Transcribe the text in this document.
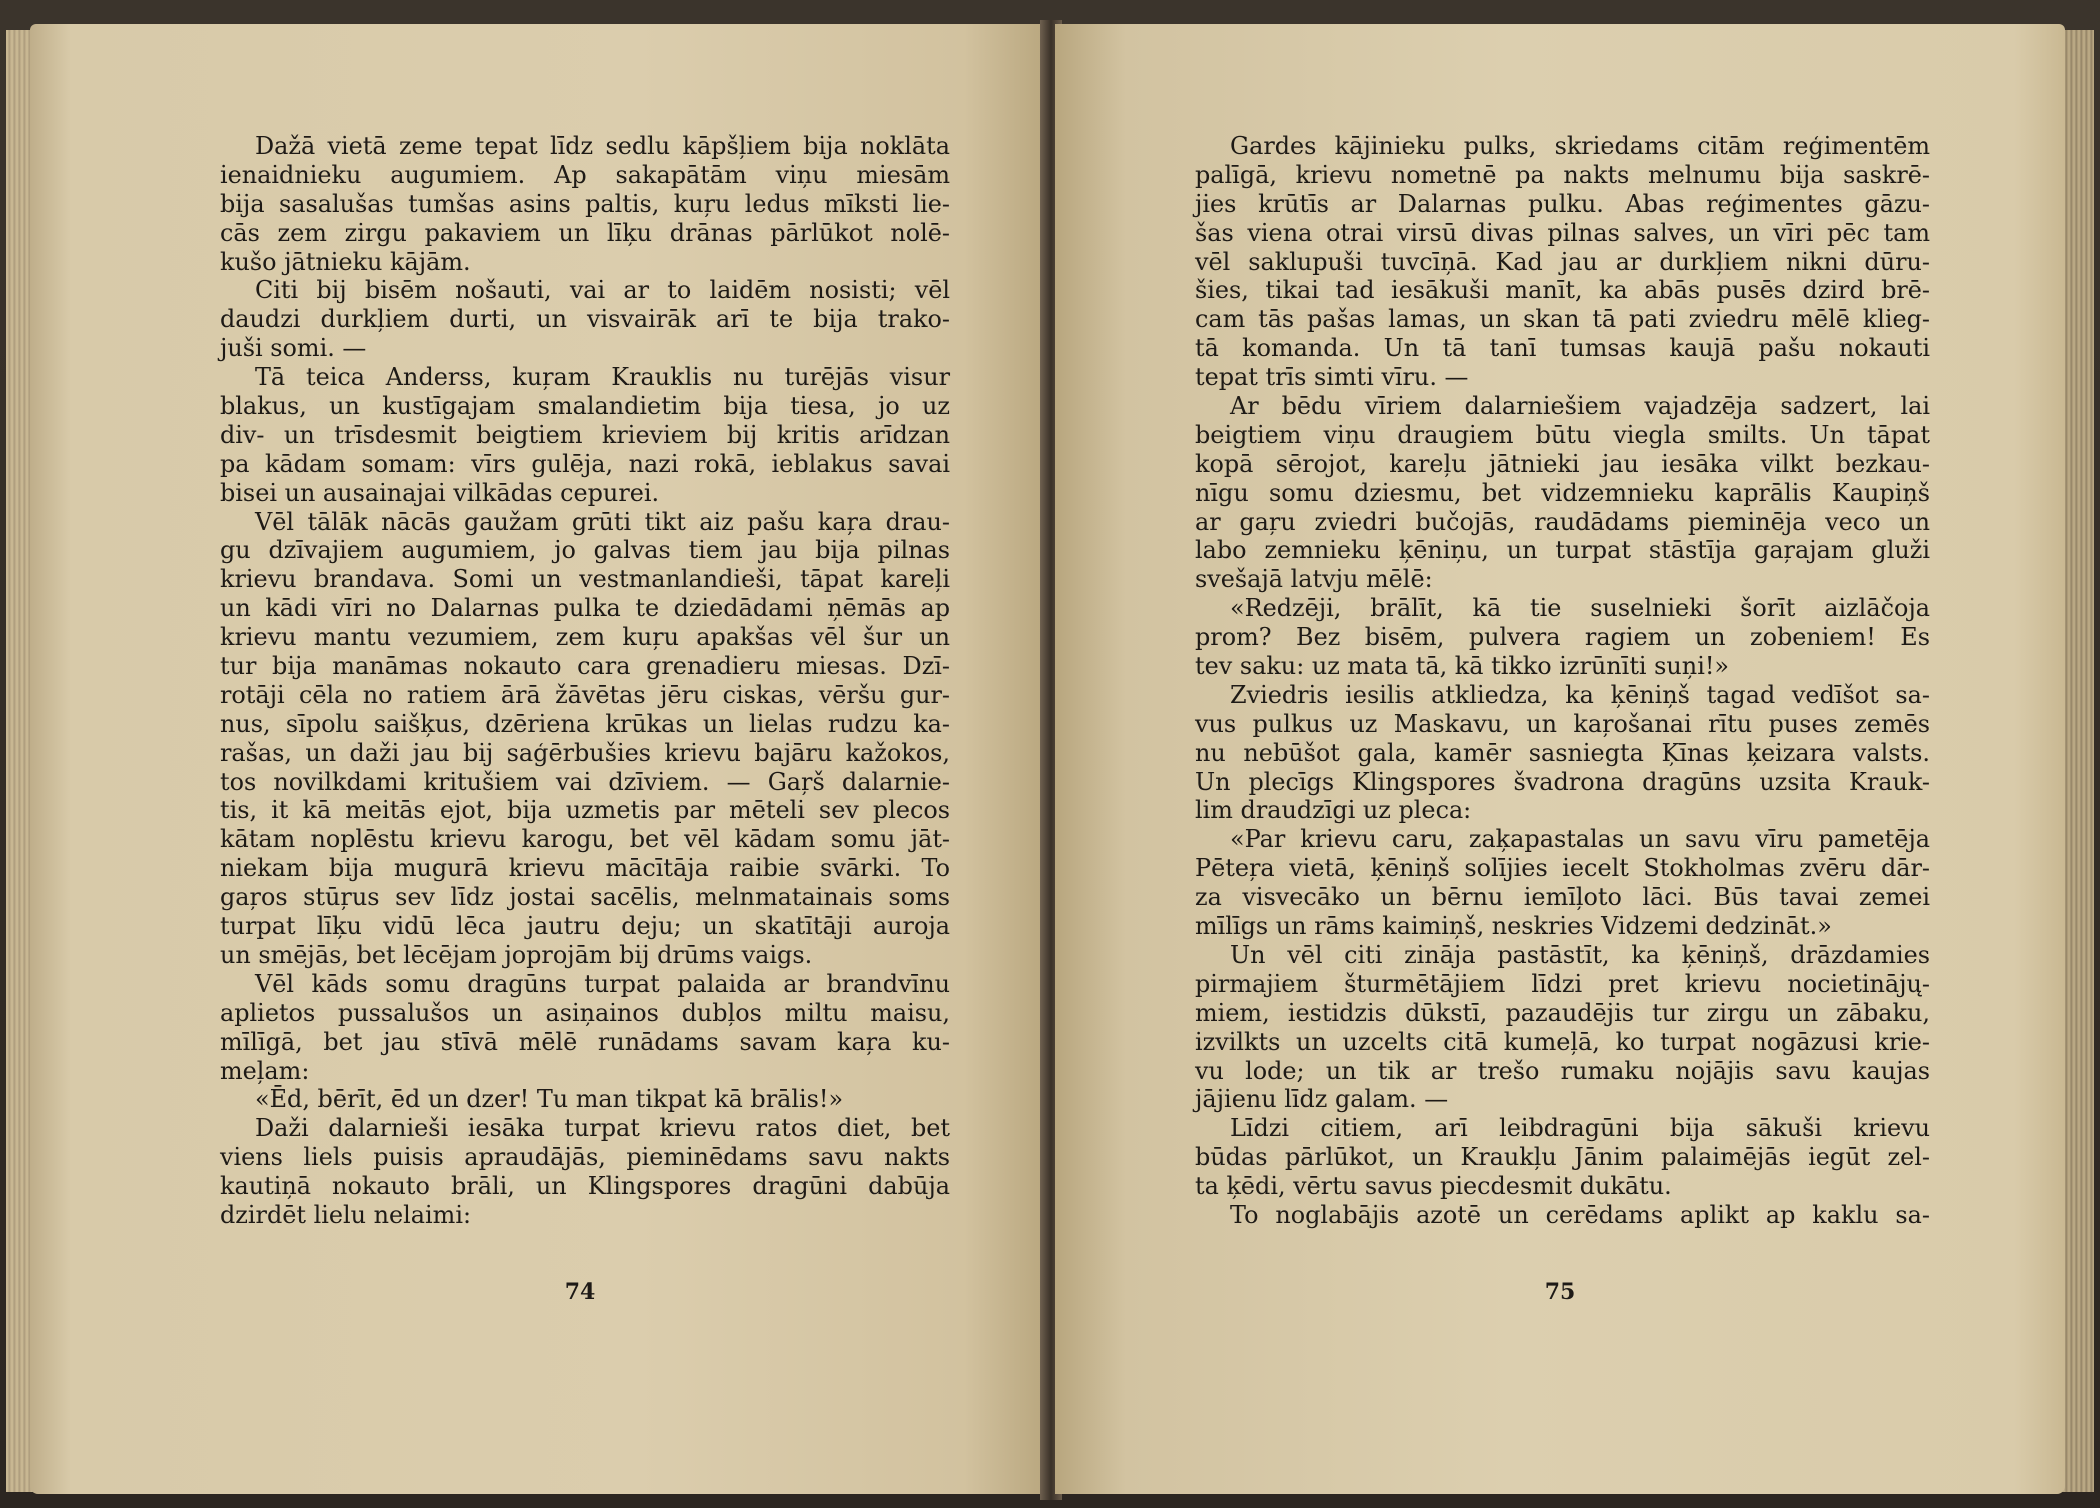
Dažā vietā zeme tepat līdz sedlu kāpšļiem bija noklāta
ienaidnieku augumiem. Ap sakapātām viņu miesām
bija sasalušas tumšas asins paltis, kuŗu ledus mīksti lie-
cās zem zirgu pakaviem un līķu drānas pārlūkot nolē-
kušo jātnieku kājām.
Citi bij bisēm nošauti, vai ar to laidēm nosisti; vēl
daudzi durkļiem durti, un visvairāk arī te bija trako-
juši somi. —
Tā teica Anderss, kuŗam Krauklis nu turējās visur
blakus, un kustīgajam smalandietim bija tiesa, jo uz
div- un trīsdesmit beigtiem krieviem bij kritis arīdzan
pa kādam somam: vīrs gulēja, nazi rokā, ieblakus savai
bisei un ausainajai vilkādas cepurei.
Vēl tālāk nācās gaužam grūti tikt aiz pašu kaŗa drau-
gu dzīvajiem augumiem, jo galvas tiem jau bija pilnas
krievu brandava. Somi un vestmanlandieši, tāpat kareļi
un kādi vīri no Dalarnas pulka te dziedādami ņēmās ap
krievu mantu vezumiem, zem kuŗu apakšas vēl šur un
tur bija manāmas nokauto cara grenadieru miesas. Dzī-
rotāji cēla no ratiem ārā žāvētas jēru ciskas, vēršu gur-
nus, sīpolu saišķus, dzēriena krūkas un lielas rudzu ka-
rašas, un daži jau bij saģērbušies krievu bajāru kažokos,
tos novilkdami kritušiem vai dzīviem. — Gaŗš dalarnie-
tis, it kā meitās ejot, bija uzmetis par mēteli sev plecos
kātam noplēstu krievu karogu, bet vēl kādam somu jāt-
niekam bija mugurā krievu mācītāja raibie svārki. To
gaŗos stūŗus sev līdz jostai sacēlis, melnmatainais soms
turpat līķu vidū lēca jautru deju; un skatītāji auroja
un smējās, bet lēcējam joprojām bij drūms vaigs.
Vēl kāds somu dragūns turpat palaida ar brandvīnu
aplietos pussalušos un asiņainos dubļos miltu maisu,
mīlīgā, bet jau stīvā mēlē runādams savam kaŗa ku-
meļam:
«Ēd, bērīt, ēd un dzer! Tu man tikpat kā brālis!»
Daži dalarnieši iesāka turpat krievu ratos diet, bet
viens liels puisis apraudājās, pieminēdams savu nakts
kautiņā nokauto brāli, un Klingspores dragūni dabūja
dzirdēt lielu nelaimi:
74
Gardes kājinieku pulks, skriedams citām reģimentēm
palīgā, krievu nometnē pa nakts melnumu bija saskrē-
jies krūtīs ar Dalarnas pulku. Abas reģimentes gāzu-
šas viena otrai virsū divas pilnas salves, un vīri pēc tam
vēl saklupuši tuvcīņā. Kad jau ar durkļiem nikni dūru-
šies, tikai tad iesākuši manīt, ka abās pusēs dzird brē-
cam tās pašas lamas, un skan tā pati zviedru mēlē klieg-
tā komanda. Un tā tanī tumsas kaujā pašu nokauti
tepat trīs simti vīru. —
Ar bēdu vīriem dalarniešiem vajadzēja sadzert, lai
beigtiem viņu draugiem būtu viegla smilts. Un tāpat
kopā sērojot, kareļu jātnieki jau iesāka vilkt bezkau-
nīgu somu dziesmu, bet vidzemnieku kaprālis Kaupiņš
ar gaŗu zviedri bučojās, raudādams pieminēja veco un
labo zemnieku ķēniņu, un turpat stāstīja gaŗajam gluži
svešajā latvju mēlē:
«Redzēji, brālīt, kā tie suselnieki šorīt aizlāčoja
prom? Bez bisēm, pulvera ragiem un zobeniem! Es
tev saku: uz mata tā, kā tikko izrūnīti suņi!»
Zviedris iesilis atkliedza, ka ķēniņš tagad vedīšot sa-
vus pulkus uz Maskavu, un kaŗošanai rītu puses zemēs
nu nebūšot gala, kamēr sasniegta Ķīnas ķeizara valsts.
Un plecīgs Klingspores švadrona dragūns uzsita Krauk-
lim draudzīgi uz pleca:
«Par krievu caru, zaķapastalas un savu vīru pametēja
Pēteŗa vietā, ķēniņš solījies iecelt Stokholmas zvēru dār-
za visvecāko un bērnu iemīļoto lāci. Būs tavai zemei
mīlīgs un rāms kaimiņš, neskries Vidzemi dedzināt.»
Un vēl citi zināja pastāstīt, ka ķēniņš, drāzdamies
pirmajiem šturmētājiem līdzi pret krievu nocietinājų-
miem, iestidzis dūkstī, pazaudējis tur zirgu un zābaku,
izvilkts un uzcelts citā kumeļā, ko turpat nogāzusi krie-
vu lode; un tik ar trešo rumaku nojājis savu kaujas
jājienu līdz galam. —
Līdzi citiem, arī leibdragūni bija sākuši krievu
būdas pārlūkot, un Kraukļu Jānim palaimējās iegūt zel-
ta ķēdi, vērtu savus piecdesmit dukātu.
To noglabājis azotē un cerēdams aplikt ap kaklu sa-
75
